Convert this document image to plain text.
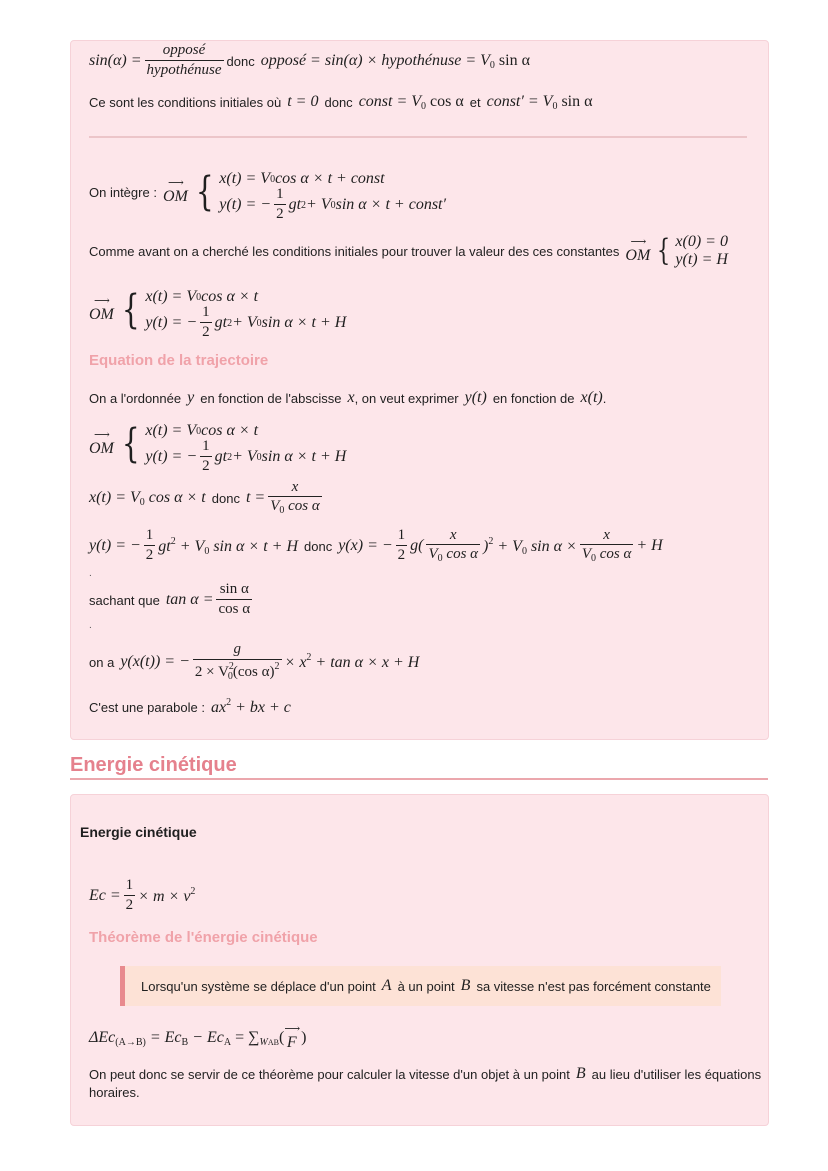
$\sin(\alpha) = \frac{\text{opposé}}{\text{hypothénuse}}$ donc opposé = sin(α) × hypothénuse = $V_0$ sin α
Ce sont les conditions initiales où t = 0 donc const = $V_0$ cos α et const′ = $V_0$ sin α
On intègre :
⟶
OM { x(t) = V 0 cos α × t + const
y(t) = − $\frac{1}{2}$ gt 2 + V 0 sin α × t + const′
Comme avant on a cherché les conditions initiales pour trouver la valeur des ces constantes
⟶
OM { x(0) = 0
y(t) = H
⟶
OM { x(t) = V 0 cos α × t
y(t) = − $\frac{1}{2}$ gt 2 + V 0 sin α × t + H
Equation de la trajectoire
On a l'ordonnée y en fonction de l'abscisse x , on veut exprimer y(t) en fonction de x(t) .
⟶
OM { x(t) = V 0 cos α × t
y(t) = − $\frac{1}{2}$ gt 2 + V 0 sin α × t + H
$x(t) = V_0$ cos α × t donc $t = \frac{x}{V_0 \cos \alpha}$
y(t) = − $\frac{1}{2} gt^2 + V_0$ sin α × t + H donc y(x) = − $\frac{1}{2} g( \frac{x}{V_0 \cos \alpha} )^2 + V_0$ $\sin \alpha \times \frac{x}{V_0 \cos \alpha} + H$
.
sachant que $\tan \alpha = \frac{\text{sin α}}{\text{cos α}}$
.
on a y(x(t)) = − $\frac{g}{2 \times V^2_0(\cos \alpha)^2} \times x^2 + \tan \alpha \times x + H$
C'est une parabole : $ax^2$ + bx + c
Energie cinétique
Energie cinétique
$Ec = \frac{1}{2} \times m \times v^2$
Théorème de l'énergie cinétique
Lorsqu'un système se déplace d'un point A à un point B sa vitesse n'est pas forcément constante
$\Delta Ec_{(A\to B)} = Ec_B - Ec_A = \sum_{WAB}$( ⟶
F )
On peut donc se servir de ce théorème pour calculer la vitesse d'un objet à un point B au lieu d'utiliser les équations
horaires.
